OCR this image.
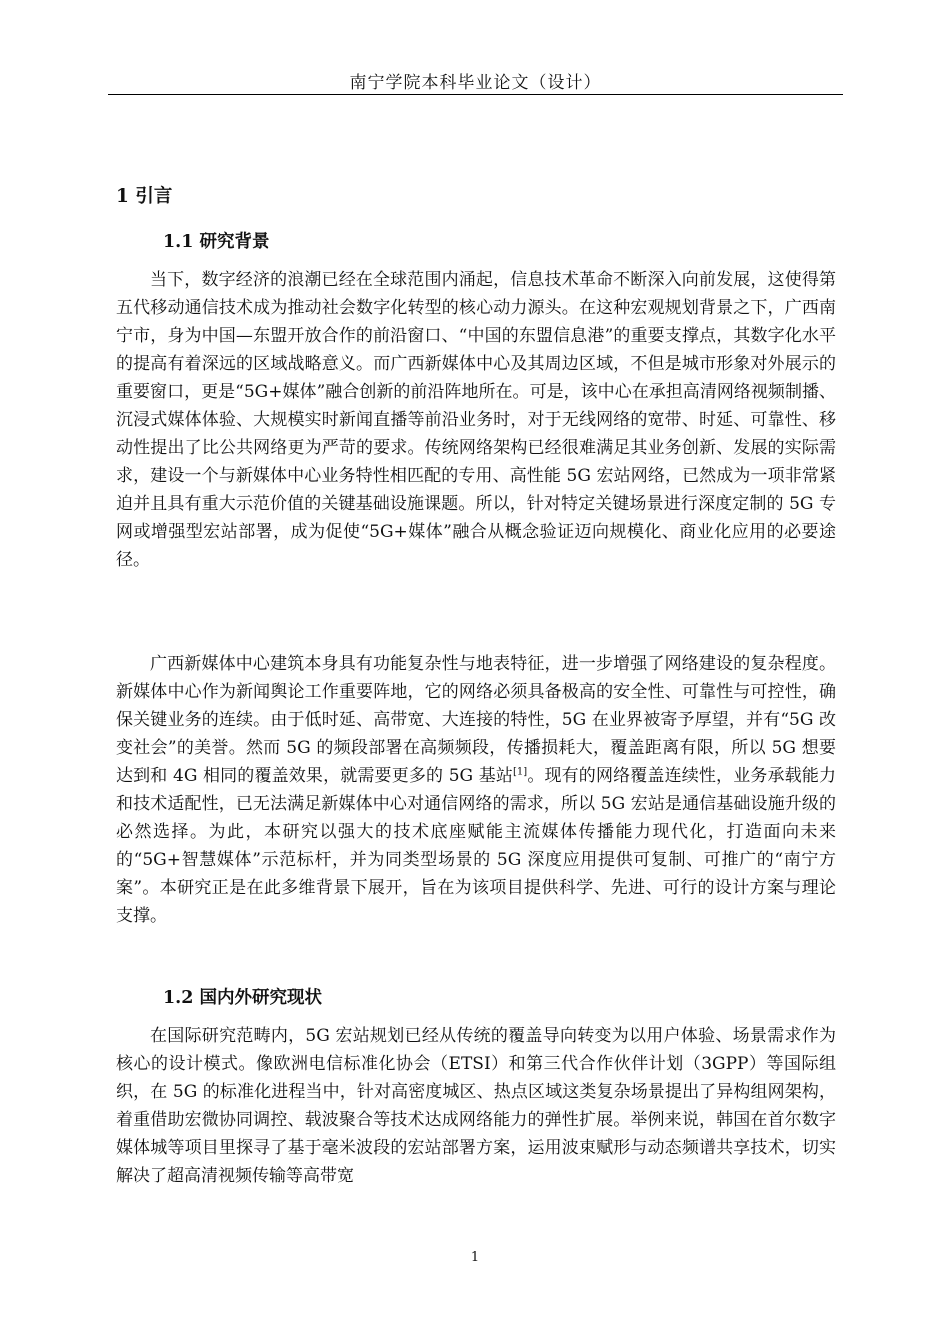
南宁学院本科毕业论文（设计）
1 引言
1.1 研究背景

当下，数字经济的浪潮已经在全球范围内涌起，信息技术革命不断深入向前发展，这使得第五代移动通信技术成为推动社会数字化转型的核心动力源头。在这种宏观规划背景之下，广西南宁市，身为中国—东盟开放合作的前沿窗口、“中国的东盟信息港”的重要支撑点，其数字化水平的提高有着深远的区域战略意义。而广西新媒体中心及其周边区域，不但是城市形象对外展示的重要窗口，更是“5G+媒体”融合创新的前沿阵地所在。可是，该中心在承担高清网络视频制播、沉浸式媒体体验、大规模实时新闻直播等前沿业务时，对于无线网络的宽带、时延、可靠性、移动性提出了比公共网络更为严苛的要求。传统网络架构已经很难满足其业务创新、发展的实际需求，建设一个与新媒体中心业务特性相匹配的专用、高性能 5G 宏站网络，已然成为一项非常紧迫并且具有重大示范价值的关键基础设施课题。所以，针对特定关键场景进行深度定制的 5G 专网或增强型宏站部署，成为促使“5G+媒体”融合从概念验证迈向规模化、商业化应用的必要途径。

广西新媒体中心建筑本身具有功能复杂性与地表特征，进一步增强了网络建设的复杂程度。新媒体中心作为新闻舆论工作重要阵地，它的网络必须具备极高的安全性、可靠性与可控性，确保关键业务的连续。由于低时延、高带宽、大连接的特性，5G 在业界被寄予厚望，并有“5G 改变社会”的美誉。然而 5G 的频段部署在高频频段，传播损耗大，覆盖距离有限，所以 5G 想要达到和 4G 相同的覆盖效果，就需要更多的 5G 基站[1]。现有的网络覆盖连续性，业务承载能力和技术适配性，已无法满足新媒体中心对通信网络的需求，所以 5G 宏站是通信基础设施升级的必然选择。为此，本研究以强大的技术底座赋能主流媒体传播能力现代化，打造面向未来的“5G+智慧媒体”示范标杆，并为同类型场景的 5G 深度应用提供可复制、可推广的“南宁方案”。本研究正是在此多维背景下展开，旨在为该项目提供科学、先进、可行的设计方案与理论支撑。

1.2 国内外研究现状

在国际研究范畴内，5G 宏站规划已经从传统的覆盖导向转变为以用户体验、场景需求作为核心的设计模式。像欧洲电信标准化协会（ETSI）和第三代合作伙伴计划（3GPP）等国际组织，在 5G 的标准化进程当中，针对高密度城区、热点区域这类复杂场景提出了异构组网架构，着重借助宏微协同调控、载波聚合等技术达成网络能力的弹性扩展。举例来说，韩国在首尔数字媒体城等项目里探寻了基于毫米波段的宏站部署方案，运用波束赋形与动态频谱共享技术，切实解决了超高清视频传输等高带宽

1
